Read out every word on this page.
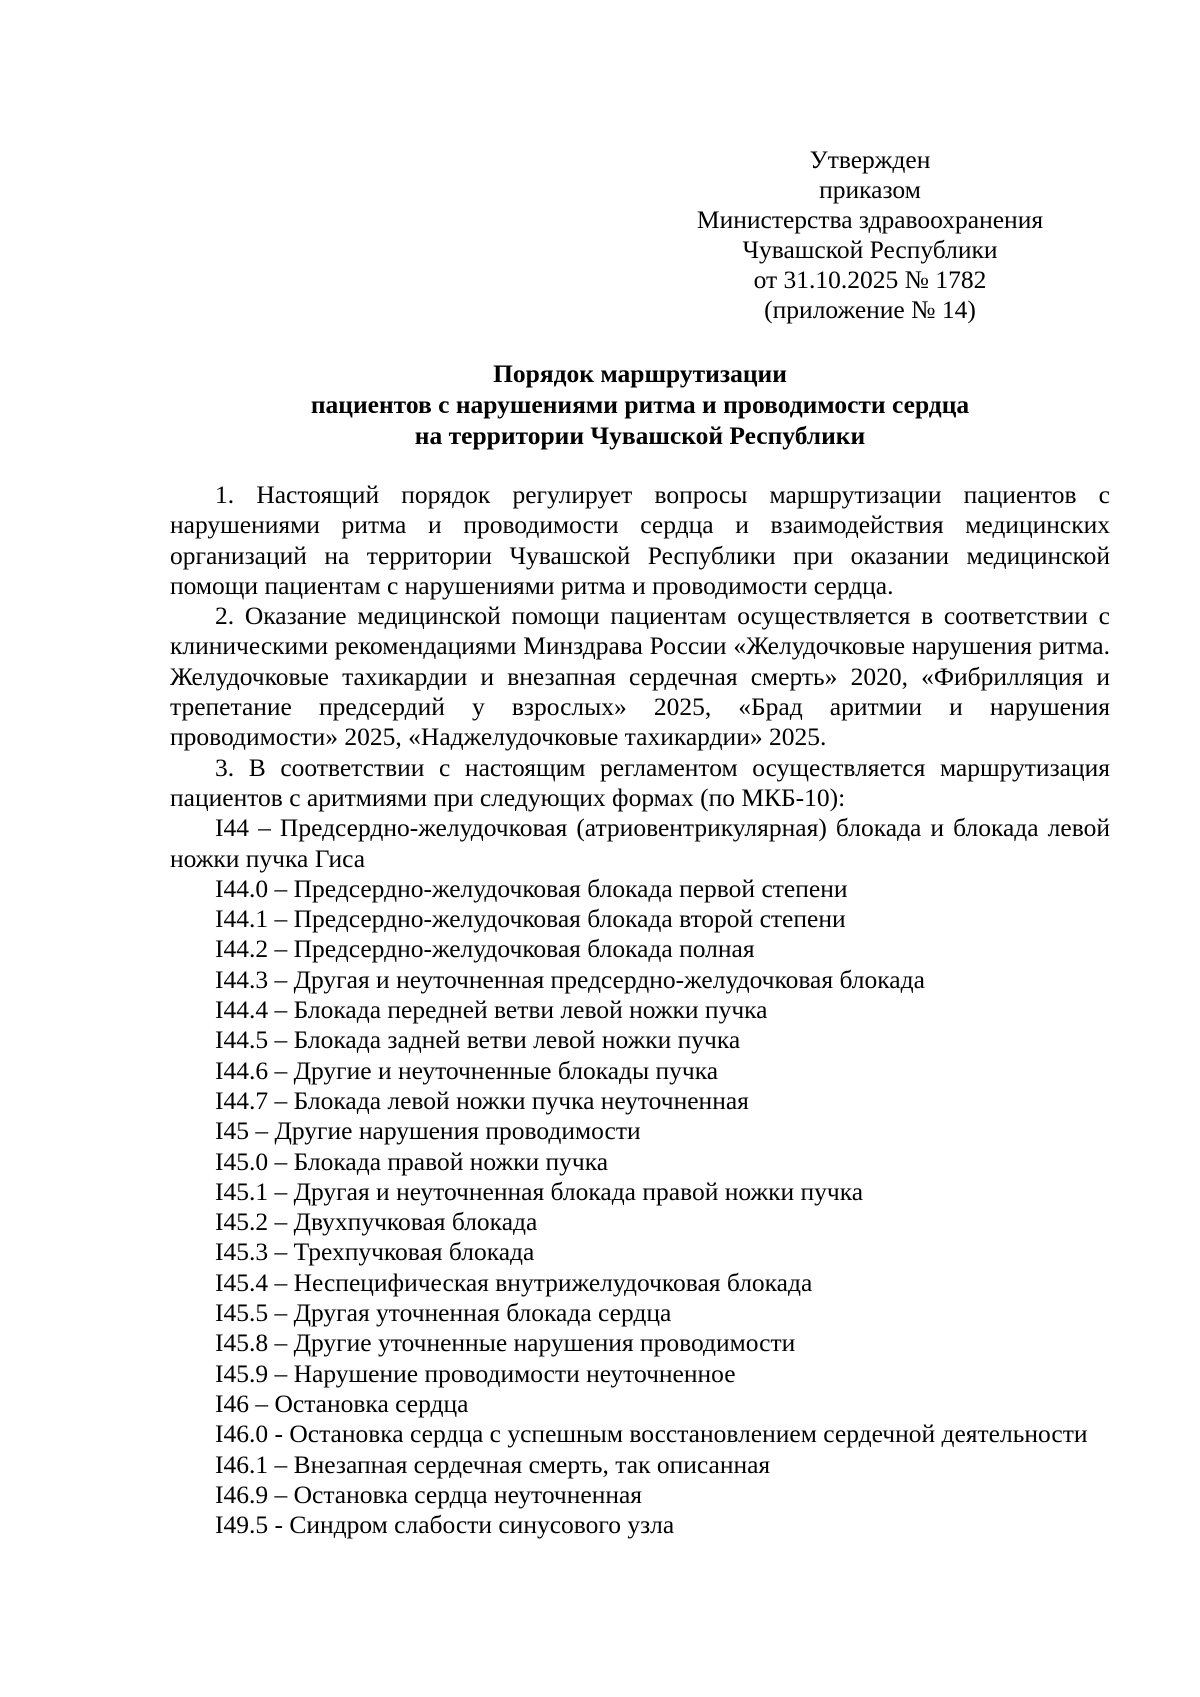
Утвержден
приказом
Министерства здравоохранения
Чувашской Республики
от 31.10.2025 № 1782
(приложение № 14)
Порядок маршрутизации
пациентов с нарушениями ритма и проводимости сердца
на территории Чувашской Республики

1. Настоящий порядок регулирует вопросы маршрутизации пациентов с нарушениями ритма и проводимости сердца и взаимодействия медицинских организаций на территории Чувашской Республики при оказании медицинской помощи пациентам с нарушениями ритма и проводимости сердца.

2. Оказание медицинской помощи пациентам осуществляется в соответствии с клиническими рекомендациями Минздрава России «Желудочковые нарушения ритма. Желудочковые тахикардии и внезапная сердечная смерть» 2020, «Фибрилляция и трепетание предсердий у взрослых» 2025, «Брад аритмии и нарушения проводимости» 2025, «Наджелудочковые тахикардии» 2025.

3. В соответствии с настоящим регламентом осуществляется маршрутизация пациентов с аритмиями при следующих формах (по МКБ-10):

I44 – Предсердно-желудочковая (атриовентрикулярная) блокада и блокада левой ножки пучка Гиса

I44.0 – Предсердно-желудочковая блокада первой степени
I44.1 – Предсердно-желудочковая блокада второй степени
I44.2 – Предсердно-желудочковая блокада полная
I44.3 – Другая и неуточненная предсердно-желудочковая блокада
I44.4 – Блокада передней ветви левой ножки пучка
I44.5 – Блокада задней ветви левой ножки пучка
I44.6 – Другие и неуточненные блокады пучка
I44.7 – Блокада левой ножки пучка неуточненная
I45 – Другие нарушения проводимости
I45.0 – Блокада правой ножки пучка
I45.1 – Другая и неуточненная блокада правой ножки пучка
I45.2 – Двухпучковая блокада
I45.3 – Трехпучковая блокада
I45.4 – Неспецифическая внутрижелудочковая блокада
I45.5 – Другая уточненная блокада сердца
I45.8 – Другие уточненные нарушения проводимости
I45.9 – Нарушение проводимости неуточненное
I46 – Остановка сердца
I46.0 - Остановка сердца с успешным восстановлением сердечной деятельности
I46.1 – Внезапная сердечная смерть, так описанная
I46.9 – Остановка сердца неуточненная
I49.5 - Синдром слабости синусового узла
